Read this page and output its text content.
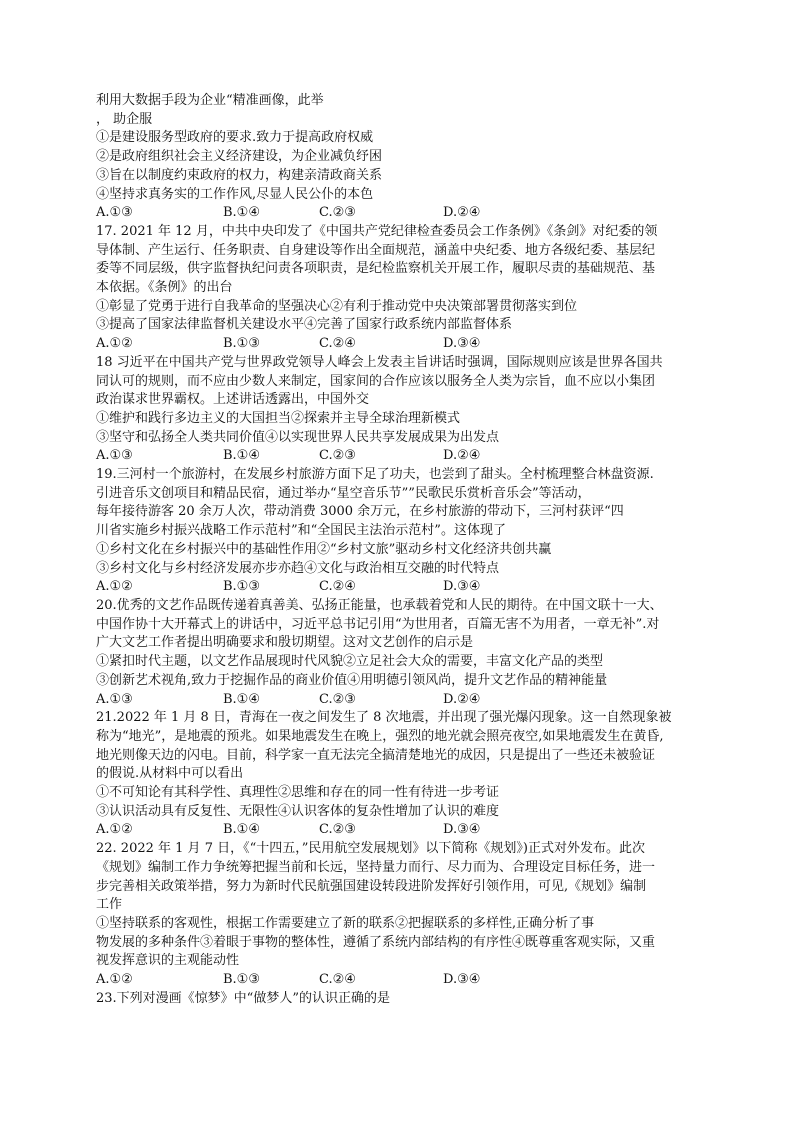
利用大数据手段为企业“精准画像，此举
， 助企服
①是建设服务型政府的要求.致力于提高政府权威
②是政府组织社会主义经济建设，为企业减负纾困
③旨在以制度约束政府的权力，构建亲清政商关系
④坚持求真务实的工作作风,尽显人民公仆的本色
A.①③	B.①④	C.②③	D.②④
17. 2021 年 12 月，中共中央印发了《中国共产党纪律检查委员会工作条例》《条剑》对纪委的领
导体制、产生运行、任务职责、自身建设等作出全面规范，涵盖中央纪委、地方各级纪委、基层纪
委等不同层级，供字监督执纪问责各项职责，是纪检监察机关开展工作，履职尽责的基础规范、基
本依据。《条例》的出台
①彰显了党勇于进行自我革命的坚强决心②有利于推动党中央决策部署贯彻落实到位
③提高了国家法律监督机关建设水平④完善了国家行政系统内部监督体系
A.①②	B.①③	C.②④	D.③④
18 习近平在中国共产党与世界政党领导人峰会上发表主旨讲话时强调，国际规则应该是世界各国共
同认可的规则，而不应由少数人来制定，国家间的合作应该以服务全人类为宗旨，血不应以小集团
政治谋求世界霸权。上述讲话透露出，中国外交
①维护和践行多边主义的大国担当②探索并主导全球治理新模式
③坚守和弘扬全人类共同价值④以实现世界人民共享发展成果为出发点
A.①③	B.①④	C.②③	D.②④
19.三河村一个旅游村，在发展乡村旅游方面下足了功夫，也尝到了甜头。全村梳理整合林盘资源.
引进音乐文创项目和精品民宿，通过举办“星空音乐节””民歌民乐赏析音乐会”等活动，
每年接待游客 20 余万人次，带动消费 3000 余万元，在乡村旅游的带动下，三河村获评“四
川省实施乡村振兴战略工作示范村”和“全国民主法治示范村”。这体现了
①乡村文化在乡村振兴中的基础性作用②“乡村文旅”驱动乡村文化经济共创共赢
③乡村文化与乡村经济发展亦步亦趋④文化与政治相互交融的时代特点
A.①②	B.①③	C.②④	D.③④
20.优秀的文艺作品既传递着真善美、弘扬正能量，也承载着党和人民的期待。在中国文联十一大、
中国作协十大开幕式上的讲话中，习近平总书记引用“为世用者，百篇无害不为用者，一章无补”.对
广大文艺工作者提出明确要求和殷切期望。这对文艺创作的启示是
①紧扣时代主题，以文艺作品展现时代风貌②立足社会大众的需要，丰富文化产品的类型
③创新艺术视角,致力于挖掘作品的商业价值④用明德引领风尚，提升文艺作品的精神能量
A.①③	B.①④	C.②③	D.②④
21.2022 年 1 月 8 日，青海在一夜之间发生了 8 次地震，并出现了强光爆闪现象。这一自然现象被
称为“地光”，是地震的预兆。如果地震发生在晚上，强烈的地光就会照亮夜空,如果地震发生在黄昏,
地光则像天边的闪电。目前，科学家一直无法完全搞清楚地光的成因，只是提出了一些还未被验证
的假说.从材料中可以看出
①不可知论有其科学性、真理性②思维和存在的同一性有待进一步考证
③认识活动具有反复性、无限性④认识客体的复杂性增加了认识的难度
A.①②	B.①④	C.②③	D.③④
22. 2022 年 1 月 7 日，《“十四五，”民用航空发展规划》以下简称《规划》)正式对外发布。此次
《规划》编制工作力争统筹把握当前和长远，坚持量力而行、尽力而为、合理设定目标任务，进一
步完善相关政策举措，努力为新时代民航强国建设转段进阶发挥好引领作用，可见,《规划》编制
工作
①坚持联系的客观性，根据工作需要建立了新的联系②把握联系的多样性,正确分析了事
物发展的多种条件③着眼于事物的整体性，遵循了系统内部结构的有序性④既尊重客观实际，又重
视发挥意识的主观能动性
A.①②	B.①③	C.②④	D.③④
23.下列对漫画《惊梦》中“做梦人”的认识正确的是
